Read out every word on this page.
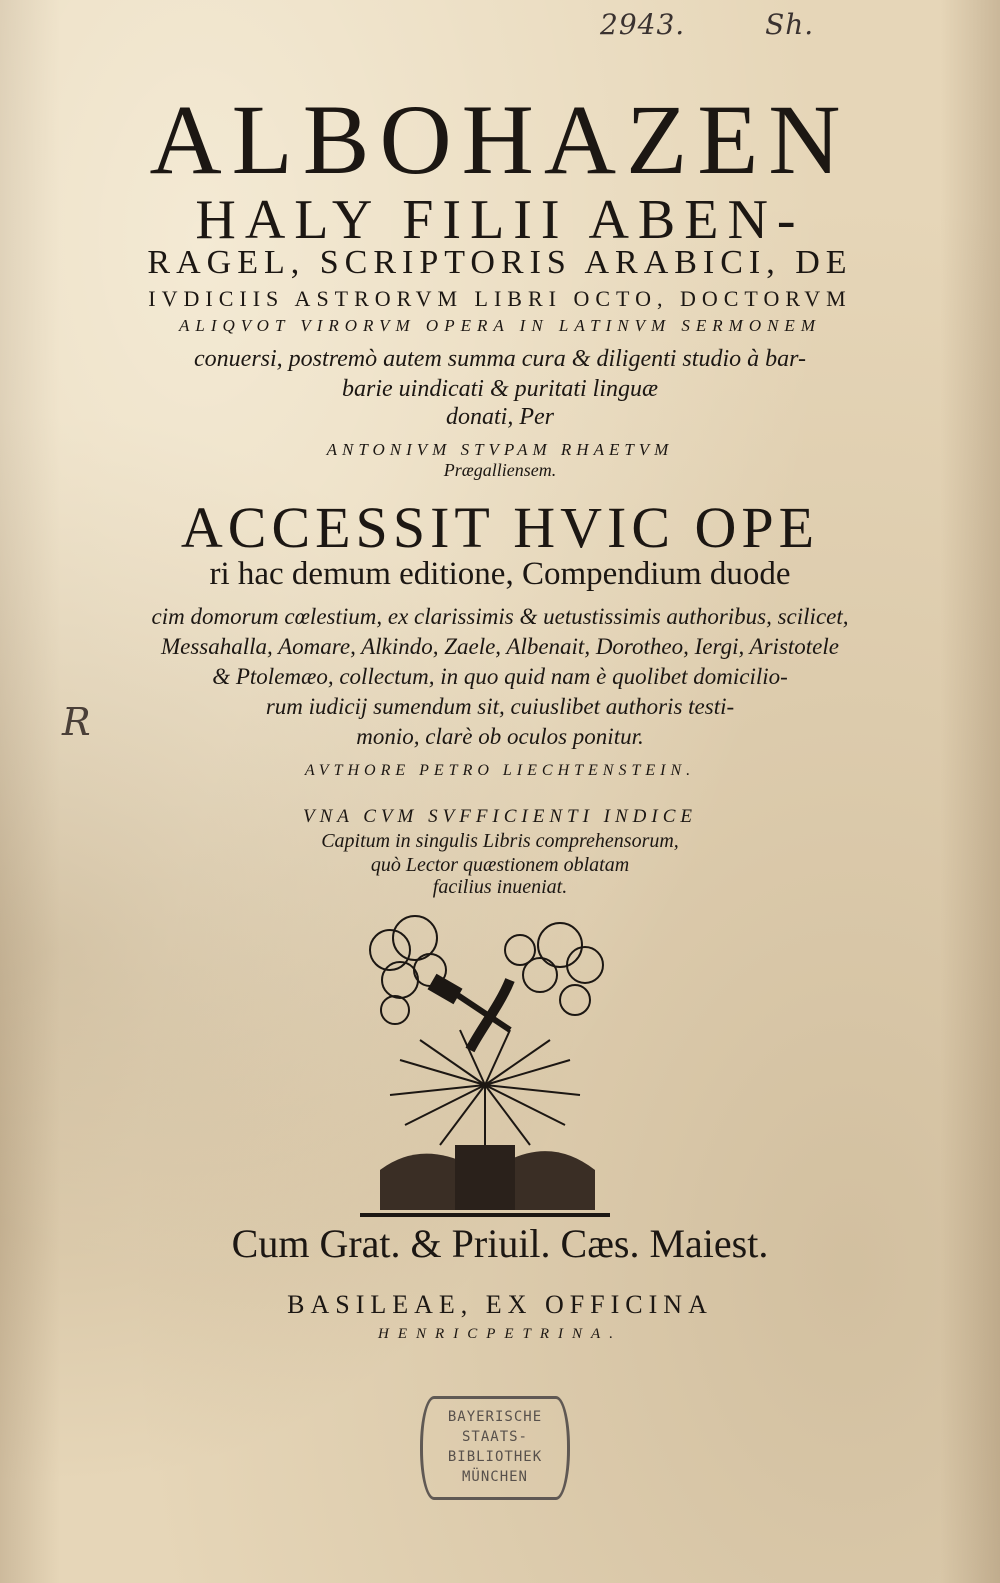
2943.	Sh.
ALBOHAZEN
HALY FILII ABEN-
RAGEL, SCRIPTORIS ARABICI, DE
IVDICIIS ASTRORVM LIBRI OCTO, DOCTORVM
ALIQVOT VIRORVM OPERA IN LATINVM SERMONEM
conuersi, postremò autem summa cura & diligenti studio à bar-
barie uindicati & puritati linguæ
donati, Per
ANTONIVM STVPAM RHAETVM
Prægalliensem.
ACCESSIT HVIC OPE
ri hac demum editione, Compendium duode
cim domorum cœlestium, ex clarissimis & uetustissimis authoribus, scilicet,
Messahalla, Aomare, Alkindo, Zaele, Albenait, Dorotheo, Iergi, Aristotele
& Ptolemæo, collectum, in quo quid nam è quolibet domicilio-
rum iudicij sumendum sit, cuiuslibet authoris testi-
monio, clarè ob oculos ponitur.
R
AVTHORE PETRO LIECHTENSTEIN.
VNA CVM SVFFICIENTI INDICE
Capitum in singulis Libris comprehensorum,
quò Lector quæstionem oblatam
facilius inueniat.
Cum Grat. & Priuil. Cæs. Maiest.
BASILEAE, EX OFFICINA
HENRICPETRINA.
BAYERISCHE
STAATS-
BIBLIOTHEK
MÜNCHEN
